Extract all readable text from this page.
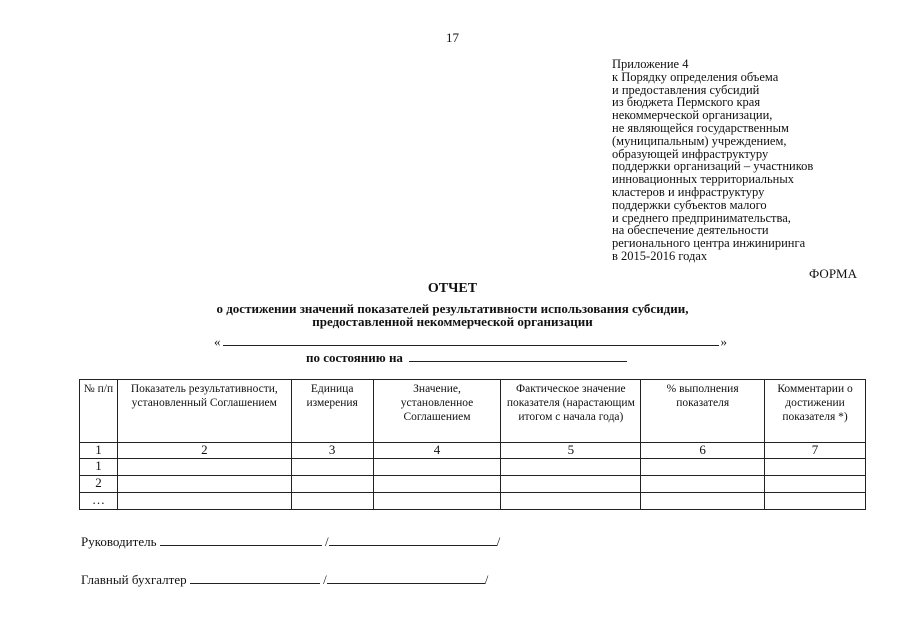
17
Приложение 4
к Порядку определения объема
и предоставления субсидий
из бюджета Пермского края
некоммерческой организации,
не являющейся государственным
(муниципальным) учреждением,
образующей инфраструктуру
поддержки организаций – участников
инновационных территориальных
кластеров и инфраструктуру
поддержки субъектов малого
и среднего предпринимательства,
на обеспечение деятельности
регионального центра инжиниринга
в 2015-2016 годах
ФОРМА
ОТЧЕТ
о достижении значений показателей результативности использования субсидии,
предоставленной некоммерческой организации
«	»
по состоянию на
№ п/п	Показатель результативности, установленный Соглашением	Единица измерения	Значение, установленное Соглашением	Фактическое значение показателя (нарастающим итогом с начала года)	% выполнения показателя	Комментарии о достижении показателя *)
1	2	3	4	5	6	7
1						
2						
…						
Руководитель	/	/
Главный бухгалтер	/	/
